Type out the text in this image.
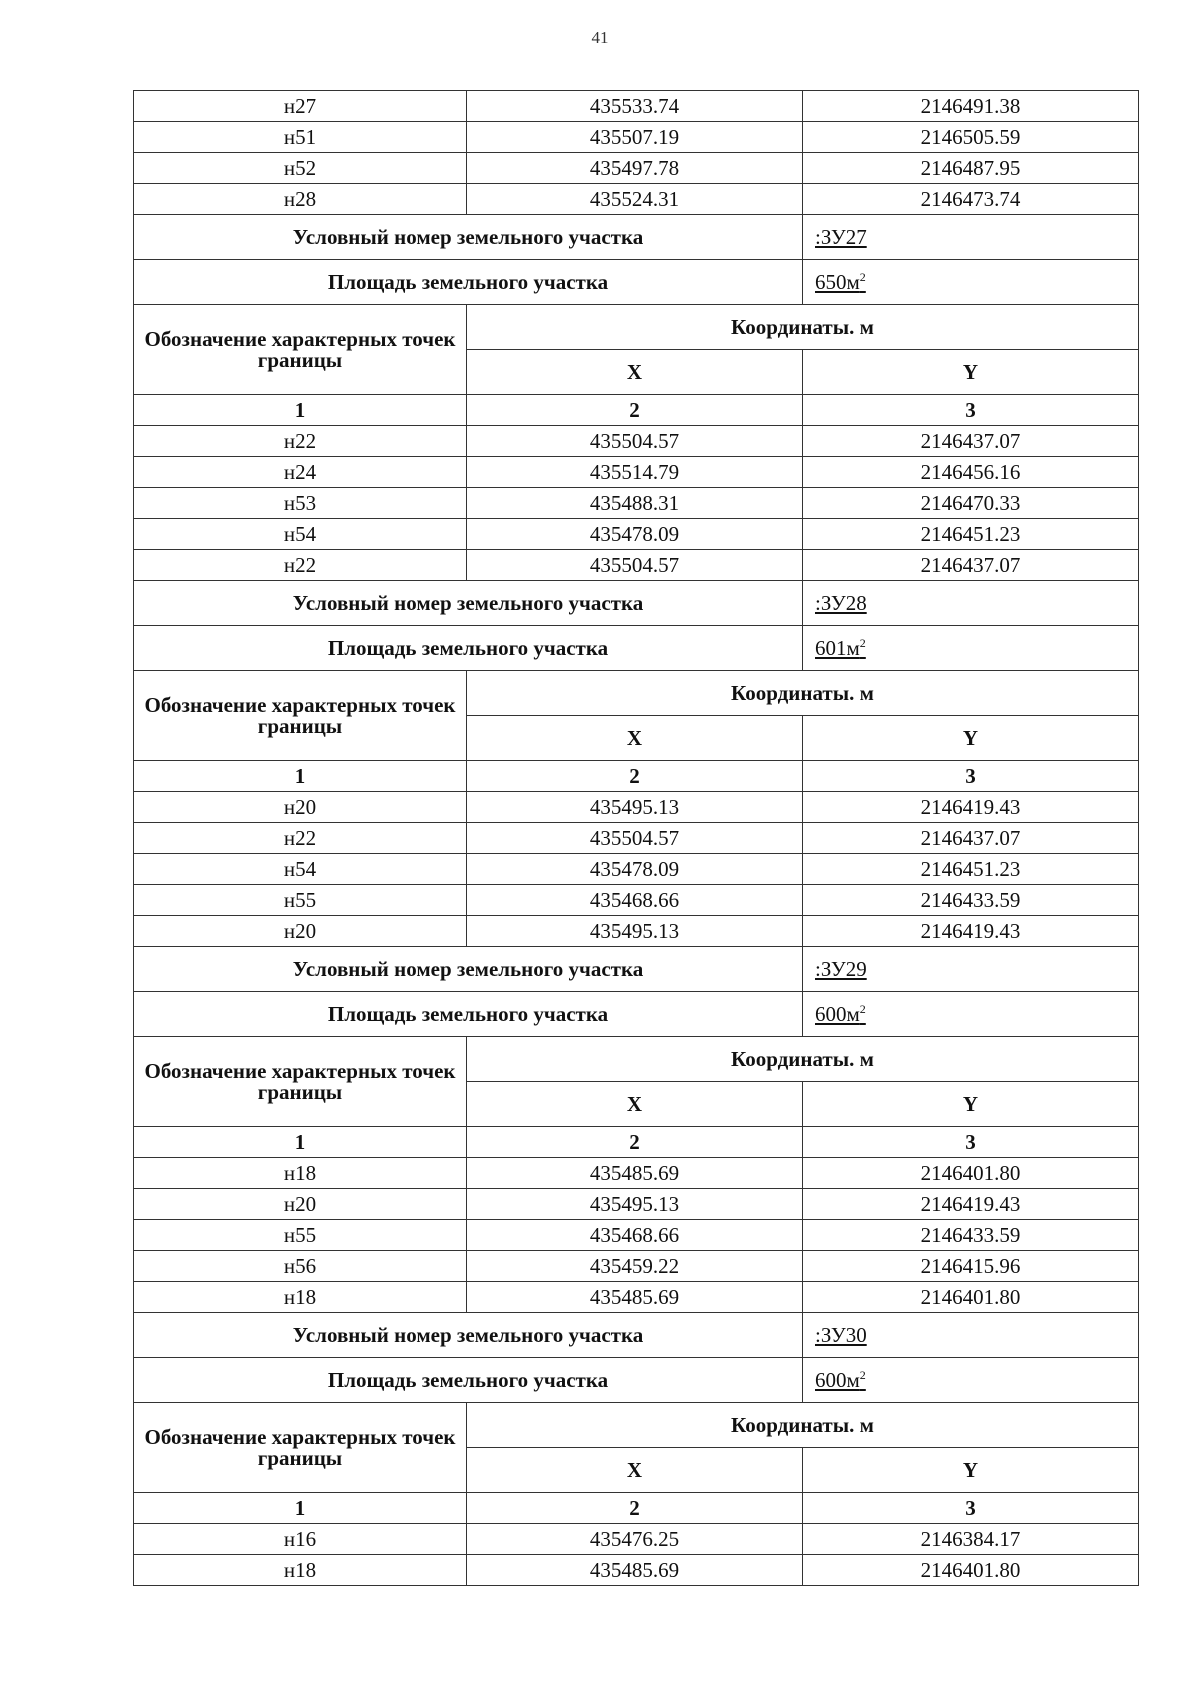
41
н27	435533.74	2146491.38
н51	435507.19	2146505.59
н52	435497.78	2146487.95
н28	435524.31	2146473.74
Условный номер земельного участка		:ЗУ27
Площадь земельного участка		$650м^2$
Обозначение характерных точек границы	Координаты. м	
	X	Y
1	2	3
н22	435504.57	2146437.07
н24	435514.79	2146456.16
н53	435488.31	2146470.33
н54	435478.09	2146451.23
н22	435504.57	2146437.07
Условный номер земельного участка		:ЗУ28
Площадь земельного участка		$601м^2$
Обозначение характерных точек границы	Координаты. м	
	X	Y
1	2	3
н20	435495.13	2146419.43
н22	435504.57	2146437.07
н54	435478.09	2146451.23
н55	435468.66	2146433.59
н20	435495.13	2146419.43
Условный номер земельного участка		:ЗУ29
Площадь земельного участка		$600м^2$
Обозначение характерных точек границы	Координаты. м	
	X	Y
1	2	3
н18	435485.69	2146401.80
н20	435495.13	2146419.43
н55	435468.66	2146433.59
н56	435459.22	2146415.96
н18	435485.69	2146401.80
Условный номер земельного участка		:ЗУ30
Площадь земельного участка		$600м^2$
Обозначение характерных точек границы	Координаты. м	
	X	Y
1	2	3
н16	435476.25	2146384.17
н18	435485.69	2146401.80
